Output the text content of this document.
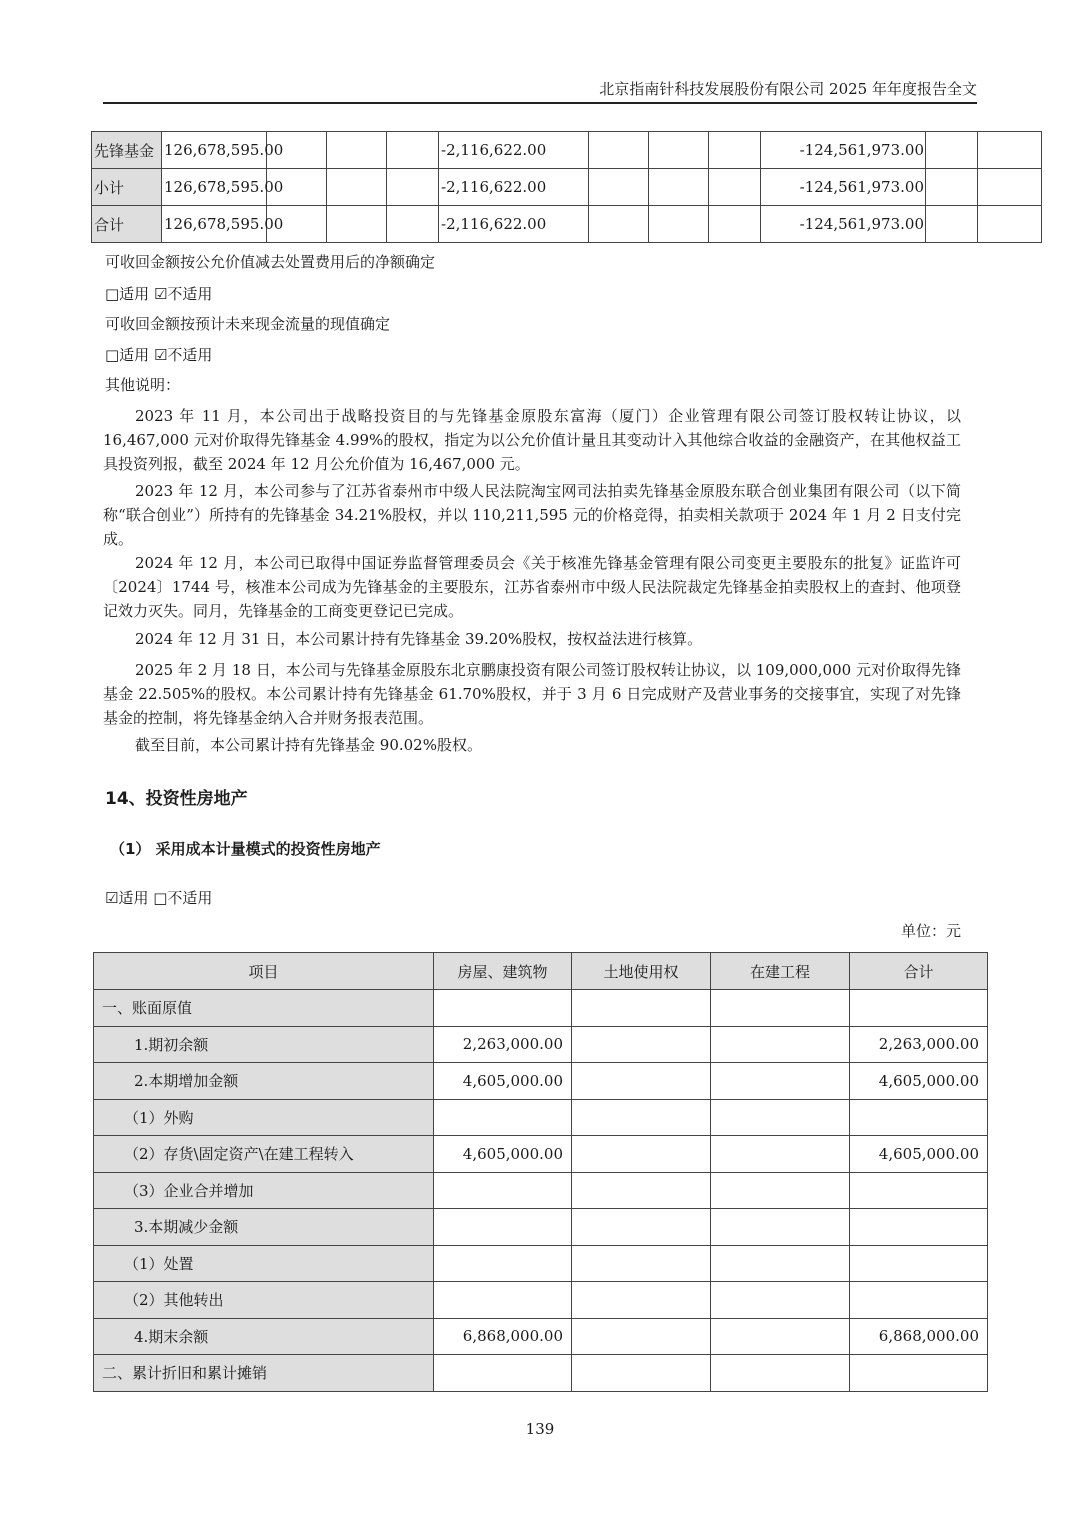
北京指南针科技发展股份有限公司 2025 年年度报告全文
先锋基金	126,678,595.00				-2,116,622.00				-124,561,973.00		
小计	126,678,595.00				-2,116,622.00				-124,561,973.00		
合计	126,678,595.00				-2,116,622.00				-124,561,973.00		
可收回金额按公允价值减去处置费用后的净额确定
□适用 ☑不适用
可收回金额按预计未来现金流量的现值确定
□适用 ☑不适用
其他说明：
2023 年 11 月，本公司出于战略投资目的与先锋基金原股东富海（厦门）企业管理有限公司签订股权转让协议，以 16,467,000 元对价取得先锋基金 4.99%的股权，指定为以公允价值计量且其变动计入其他综合收益的金融资产，在其他权益工具投资列报，截至 2024 年 12 月公允价值为 16,467,000 元。
2023 年 12 月，本公司参与了江苏省泰州市中级人民法院淘宝网司法拍卖先锋基金原股东联合创业集团有限公司（以下简称“联合创业”）所持有的先锋基金 34.21%股权，并以 110,211,595 元的价格竞得，拍卖相关款项于 2024 年 1 月 2 日支付完成。
2024 年 12 月，本公司已取得中国证券监督管理委员会《关于核准先锋基金管理有限公司变更主要股东的批复》证监许可〔2024〕1744 号，核准本公司成为先锋基金的主要股东，江苏省泰州市中级人民法院裁定先锋基金拍卖股权上的查封、他项登记效力灭失。同月，先锋基金的工商变更登记已完成。
2024 年 12 月 31 日，本公司累计持有先锋基金 39.20%股权，按权益法进行核算。
2025 年 2 月 18 日，本公司与先锋基金原股东北京鹏康投资有限公司签订股权转让协议，以 109,000,000 元对价取得先锋基金 22.505%的股权。本公司累计持有先锋基金 61.70%股权，并于 3 月 6 日完成财产及营业事务的交接事宜，实现了对先锋基金的控制，将先锋基金纳入合并财务报表范围。
截至目前，本公司累计持有先锋基金 90.02%股权。
14、投资性房地产
（1） 采用成本计量模式的投资性房地产
☑适用 □不适用
单位：元
项目	房屋、建筑物	土地使用权	在建工程	合计
一、账面原值				
1.期初余额	2,263,000.00			2,263,000.00
2.本期增加金额	4,605,000.00			4,605,000.00
（1）外购				
（2）存货\固定资产\在建工程转入	4,605,000.00			4,605,000.00
（3）企业合并增加				
3.本期减少金额				
（1）处置				
（2）其他转出				
4.期末余额	6,868,000.00			6,868,000.00
二、累计折旧和累计摊销				
139
